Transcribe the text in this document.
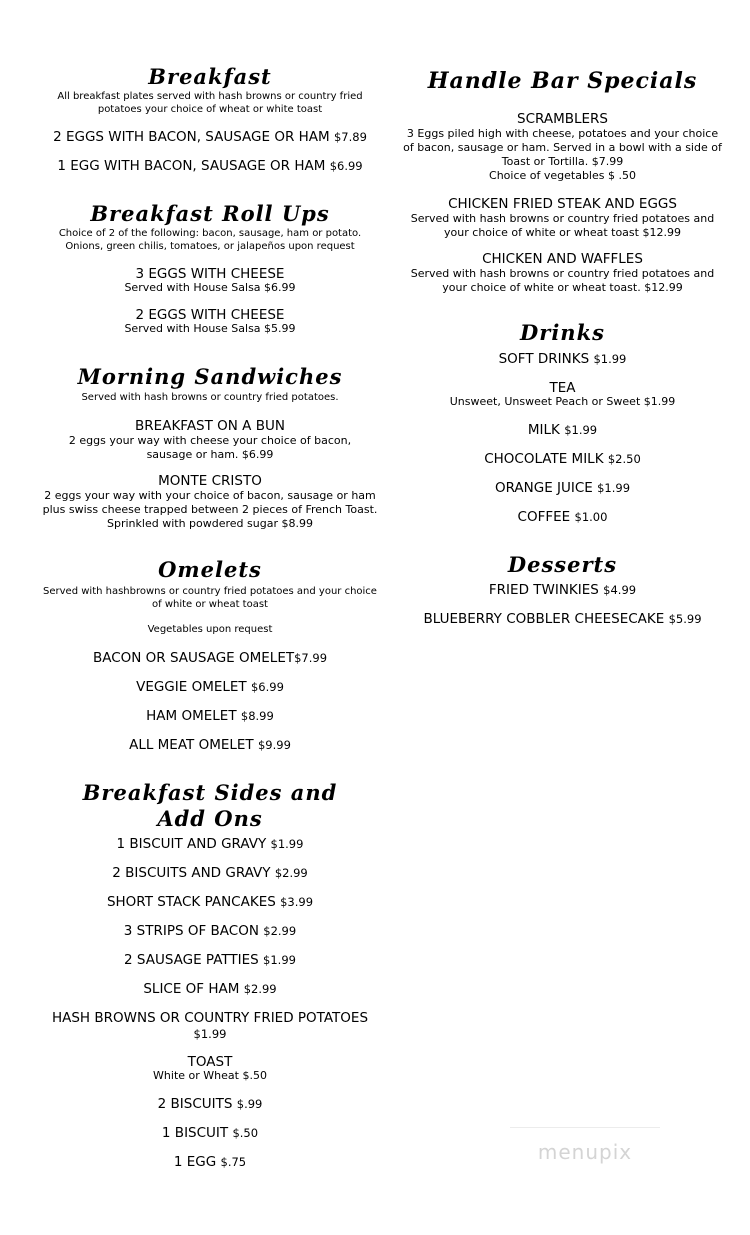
Breakfast
All breakfast plates served with hash browns or country fried potatoes your choice of wheat or white toast
2 EGGS WITH BACON, SAUSAGE OR HAM $7.89
1 EGG WITH BACON, SAUSAGE OR HAM $6.99
Breakfast Roll Ups
Choice of 2 of the following: bacon, sausage, ham or potato. Onions, green chilis, tomatoes, or jalapeños upon request
3 EGGS WITH CHEESE
Served with House Salsa $6.99
2 EGGS WITH CHEESE
Served with House Salsa $5.99
Morning Sandwiches
Served with hash browns or country fried potatoes.
BREAKFAST ON A BUN
2 eggs your way with cheese your choice of bacon, sausage or ham. $6.99
MONTE CRISTO
2 eggs your way with your choice of bacon, sausage or ham plus swiss cheese trapped between 2 pieces of French Toast. Sprinkled with powdered sugar $8.99
Omelets
Served with hashbrowns or country fried potatoes and your choice of white or wheat toast
Vegetables upon request
BACON OR SAUSAGE OMELET$7.99
VEGGIE OMELET $6.99
HAM OMELET $8.99
ALL MEAT OMELET $9.99
Breakfast Sides and
Add Ons
1 BISCUIT AND GRAVY $1.99
2 BISCUITS AND GRAVY $2.99
SHORT STACK PANCAKES $3.99
3 STRIPS OF BACON $2.99
2 SAUSAGE PATTIES $1.99
SLICE OF HAM $2.99
HASH BROWNS OR COUNTRY FRIED POTATOES
$1.99
TOAST
White or Wheat $.50
2 BISCUITS $.99
1 BISCUIT $.50
1 EGG $.75
Handle Bar Specials
SCRAMBLERS
3 Eggs piled high with cheese, potatoes and your choice of bacon, sausage or ham. Served in a bowl with a side of Toast or Tortilla. $7.99
Choice of vegetables $ .50
CHICKEN FRIED STEAK AND EGGS
Served with hash browns or country fried potatoes and your choice of white or wheat toast $12.99
CHICKEN AND WAFFLES
Served with hash browns or country fried potatoes and your choice of white or wheat toast. $12.99
Drinks
SOFT DRINKS $1.99
TEA
Unsweet, Unsweet Peach or Sweet $1.99
MILK $1.99
CHOCOLATE MILK $2.50
ORANGE JUICE $1.99
COFFEE $1.00
Desserts
FRIED TWINKIES $4.99
BLUEBERRY COBBLER CHEESECAKE $5.99
menupix
